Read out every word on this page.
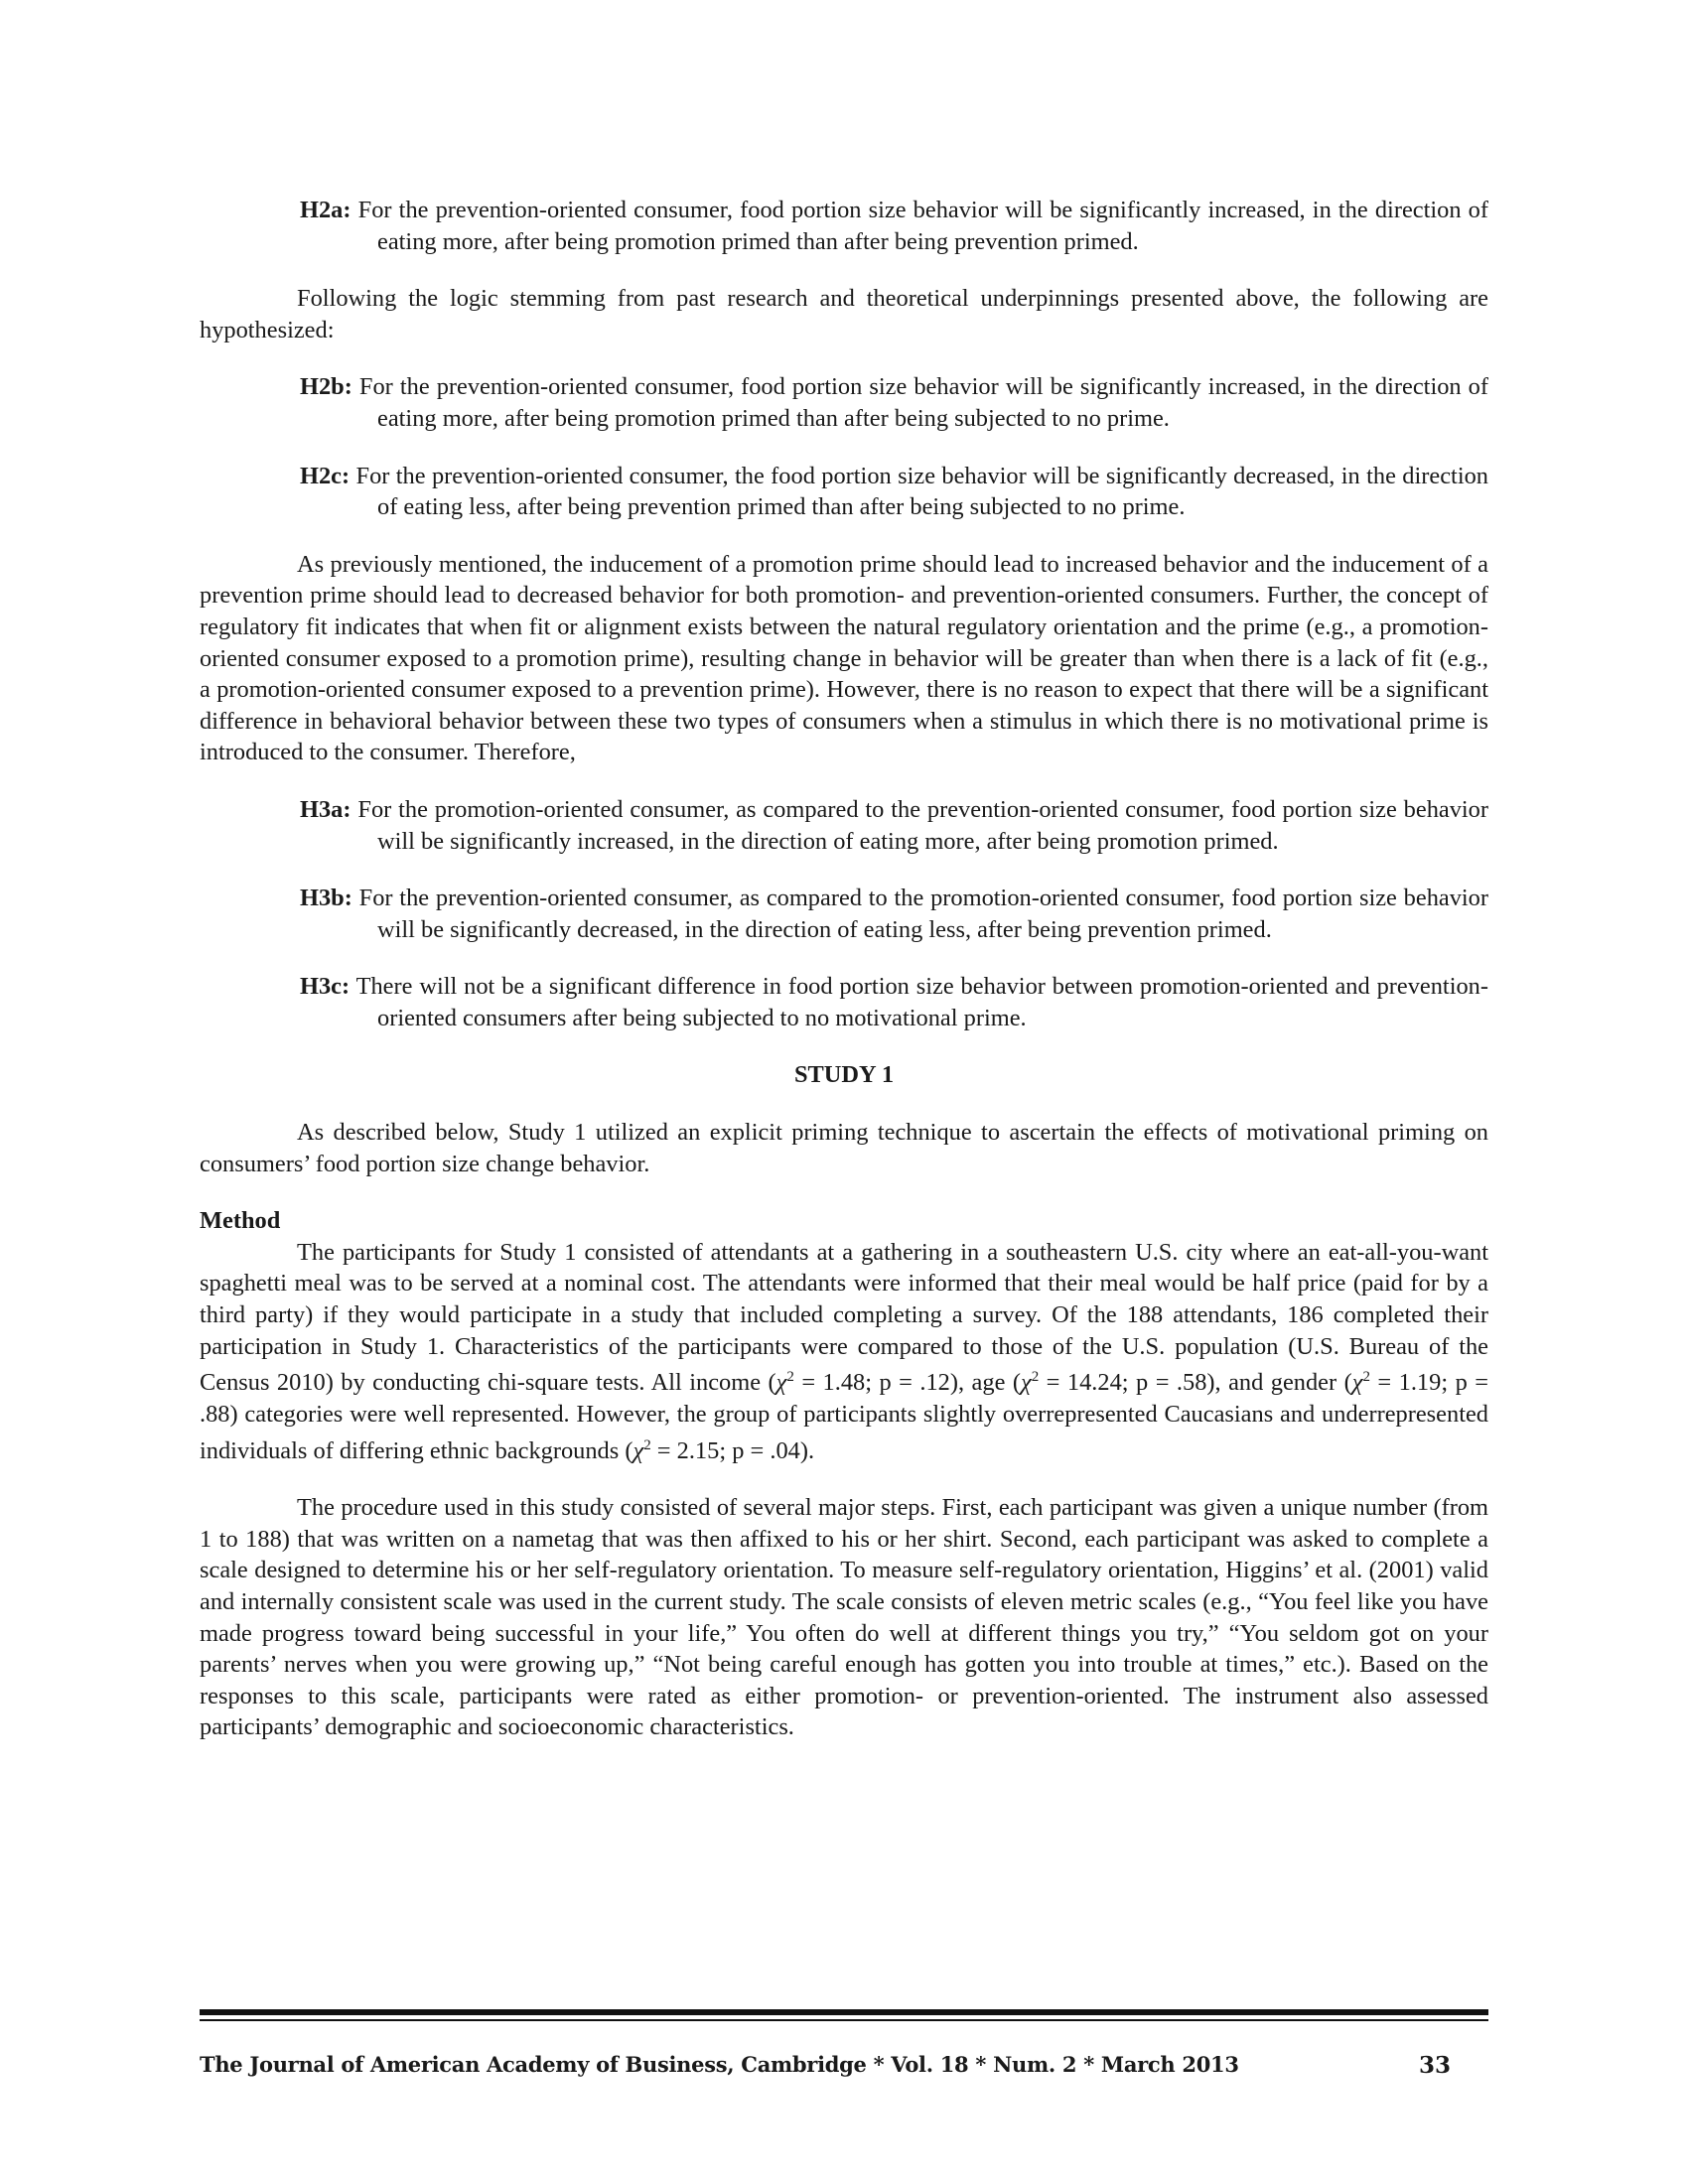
H2a: For the prevention-oriented consumer, food portion size behavior will be significantly increased, in the direction of eating more, after being promotion primed than after being prevention primed.

Following the logic stemming from past research and theoretical underpinnings presented above, the following are hypothesized:

H2b: For the prevention-oriented consumer, food portion size behavior will be significantly increased, in the direction of eating more, after being promotion primed than after being subjected to no prime.

H2c: For the prevention-oriented consumer, the food portion size behavior will be significantly decreased, in the direction of eating less, after being prevention primed than after being subjected to no prime.

As previously mentioned, the inducement of a promotion prime should lead to increased behavior and the inducement of a prevention prime should lead to decreased behavior for both promotion- and prevention-oriented consumers. Further, the concept of regulatory fit indicates that when fit or alignment exists between the natural regulatory orientation and the prime (e.g., a promotion-oriented consumer exposed to a promotion prime), resulting change in behavior will be greater than when there is a lack of fit (e.g., a promotion-oriented consumer exposed to a prevention prime). However, there is no reason to expect that there will be a significant difference in behavioral behavior between these two types of consumers when a stimulus in which there is no motivational prime is introduced to the consumer. Therefore,

H3a: For the promotion-oriented consumer, as compared to the prevention-oriented consumer, food portion size behavior will be significantly increased, in the direction of eating more, after being promotion primed.

H3b: For the prevention-oriented consumer, as compared to the promotion-oriented consumer, food portion size behavior will be significantly decreased, in the direction of eating less, after being prevention primed.

H3c: There will not be a significant difference in food portion size behavior between promotion-oriented and prevention-oriented consumers after being subjected to no motivational prime.

STUDY 1

As described below, Study 1 utilized an explicit priming technique to ascertain the effects of motivational priming on consumers’ food portion size change behavior.

Method

The participants for Study 1 consisted of attendants at a gathering in a southeastern U.S. city where an eat-all-you-want spaghetti meal was to be served at a nominal cost. The attendants were informed that their meal would be half price (paid for by a third party) if they would participate in a study that included completing a survey. Of the 188 attendants, 186 completed their participation in Study 1. Characteristics of the participants were compared to those of the U.S. population (U.S. Bureau of the Census 2010) by conducting chi-square tests. All income ($\chi^2 = 1.48$; p = .12), age ($\chi^2 = 14.24$; p = .58), and gender ($\chi^2 = 1.19$; p = .88) categories were well represented. However, the group of participants slightly overrepresented Caucasians and underrepresented individuals of differing ethnic backgrounds ($\chi^2 = 2.15$; p = .04).

The procedure used in this study consisted of several major steps. First, each participant was given a unique number (from 1 to 188) that was written on a nametag that was then affixed to his or her shirt. Second, each participant was asked to complete a scale designed to determine his or her self-regulatory orientation. To measure self-regulatory orientation, Higgins’ et al. (2001) valid and internally consistent scale was used in the current study. The scale consists of eleven metric scales (e.g., “You feel like you have made progress toward being successful in your life,” You often do well at different things you try,” “You seldom got on your parents’ nerves when you were growing up,” “Not being careful enough has gotten you into trouble at times,” etc.). Based on the responses to this scale, participants were rated as either promotion- or prevention-oriented. The instrument also assessed participants’ demographic and socioeconomic characteristics.

The Journal of American Academy of Business, Cambridge * Vol. 18 * Num. 2 * March 2013	33
